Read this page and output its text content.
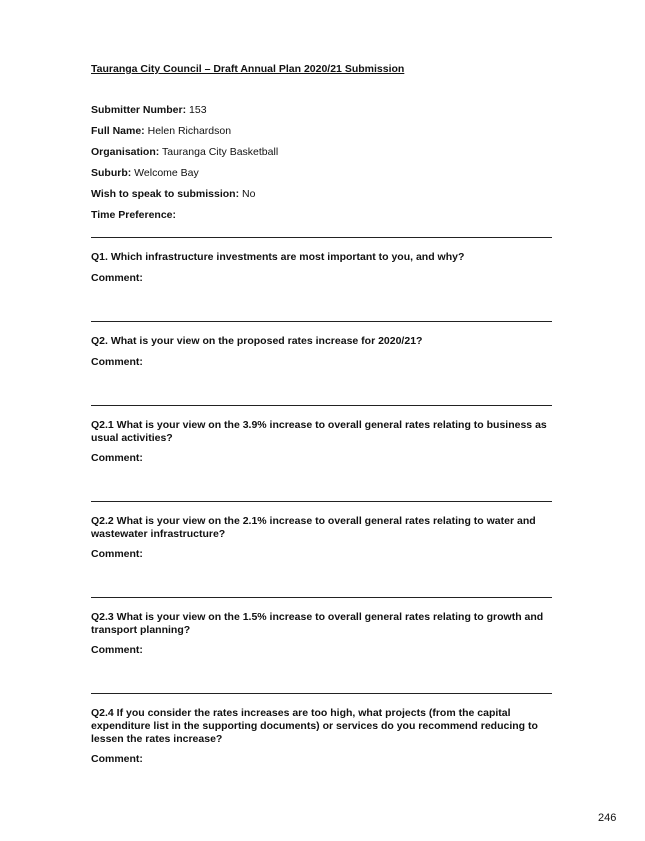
Tauranga City Council – Draft Annual Plan 2020/21 Submission
Submitter Number: 153
Full Name: Helen Richardson
Organisation: Tauranga City Basketball
Suburb: Welcome Bay
Wish to speak to submission: No
Time Preference:
Q1. Which infrastructure investments are most important to you, and why?
Comment:
Q2. What is your view on the proposed rates increase for 2020/21?
Comment:
Q2.1 What is your view on the 3.9% increase to overall general rates relating to business as usual activities?
Comment:
Q2.2 What is your view on the 2.1% increase to overall general rates relating to water and wastewater infrastructure?
Comment:
Q2.3 What is your view on the 1.5% increase to overall general rates relating to growth and transport planning?
Comment:
Q2.4 If you consider the rates increases are too high, what projects (from the capital expenditure list in the supporting documents) or services do you recommend reducing to lessen the rates increase?
Comment:
246
